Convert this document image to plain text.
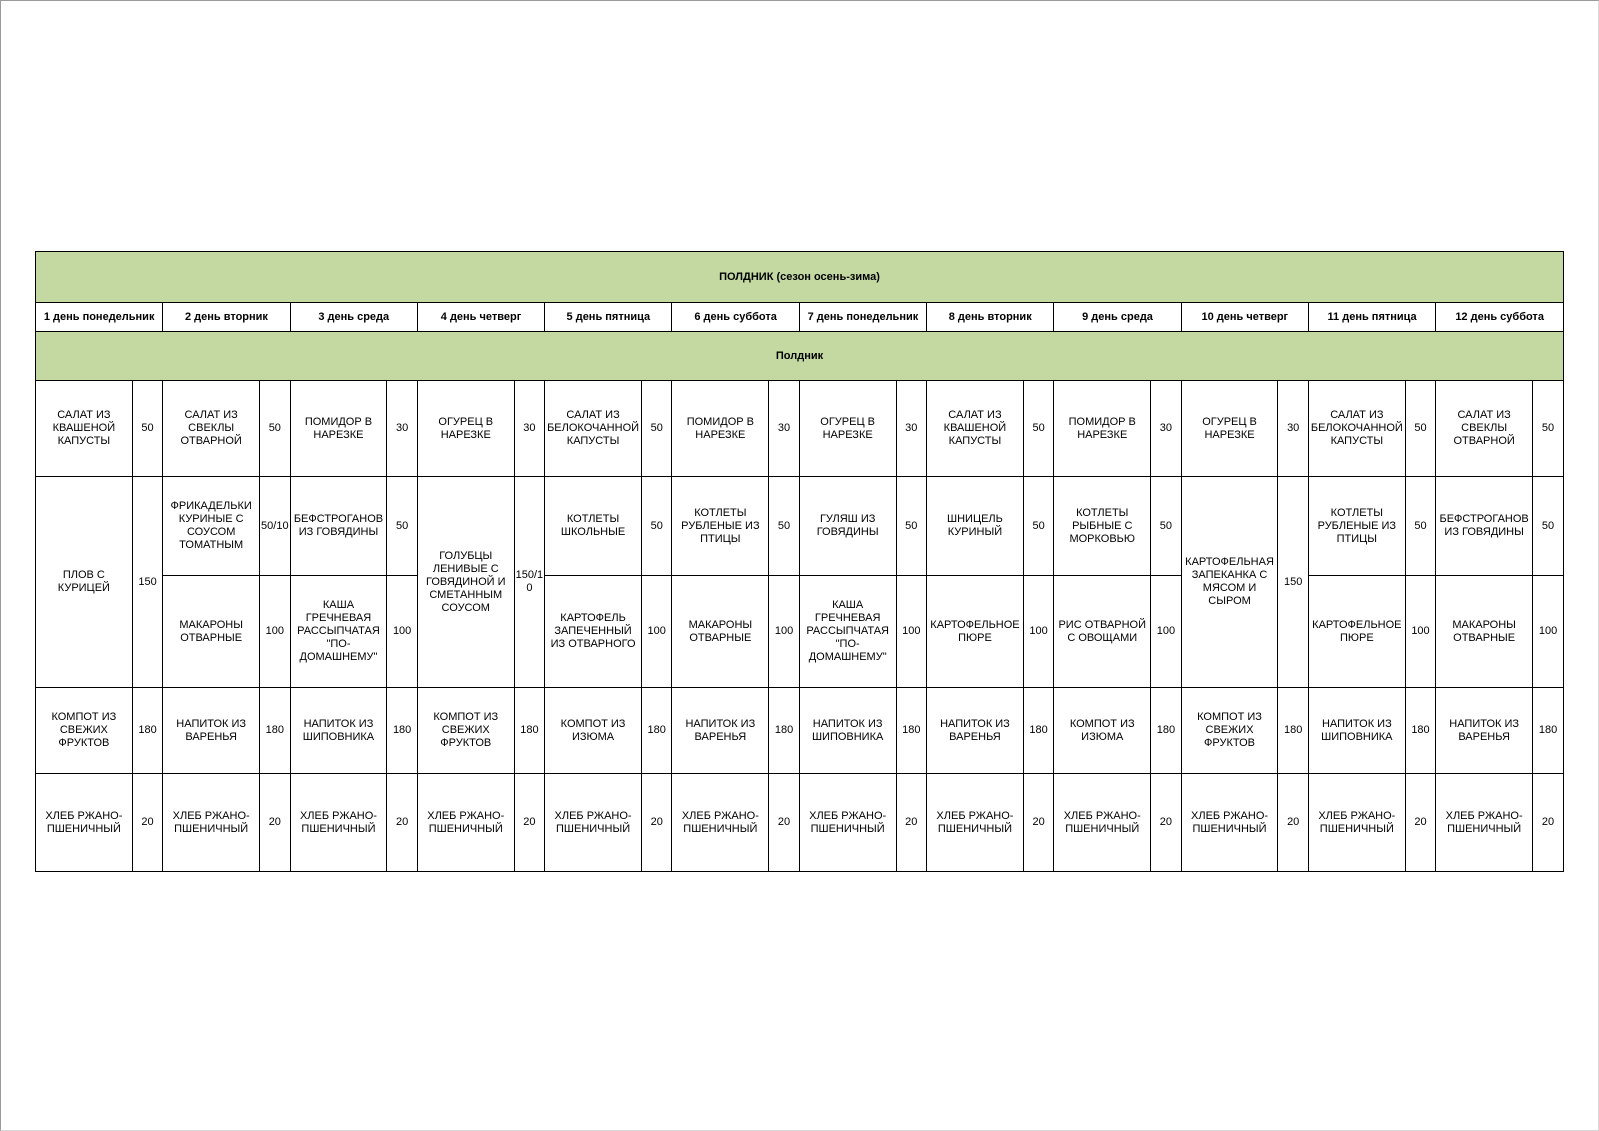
ПОЛДНИК (сезон осень-зима)																							
1 день понедельник		2 день вторник		3 день среда		4 день четверг		5 день пятница		6 день суббота		7 день понедельник		8 день вторник		9 день среда		10 день четверг		11 день пятница		12 день суббота	
Полдник																							
САЛАТ ИЗ КВАШЕНОЙ КАПУСТЫ	50	САЛАТ ИЗ СВЕКЛЫ ОТВАРНОЙ	50	ПОМИДОР В НАРЕЗКЕ	30	ОГУРЕЦ В НАРЕЗКЕ	30	САЛАТ ИЗ БЕЛОКОЧАННОЙ КАПУСТЫ	50	ПОМИДОР В НАРЕЗКЕ	30	ОГУРЕЦ В НАРЕЗКЕ	30	САЛАТ ИЗ КВАШЕНОЙ КАПУСТЫ	50	ПОМИДОР В НАРЕЗКЕ	30	ОГУРЕЦ В НАРЕЗКЕ	30	САЛАТ ИЗ БЕЛОКОЧАННОЙ КАПУСТЫ	50	САЛАТ ИЗ СВЕКЛЫ ОТВАРНОЙ	50
ПЛОВ С КУРИЦЕЙ	150	ФРИКАДЕЛЬКИ КУРИНЫЕ С СОУСОМ ТОМАТНЫМ	50/10	БЕФСТРОГАНОВ ИЗ ГОВЯДИНЫ	50	ГОЛУБЦЫ ЛЕНИВЫЕ С ГОВЯДИНОЙ И СМЕТАННЫМ СОУСОМ	150/10	КОТЛЕТЫ ШКОЛЬНЫЕ	50	КОТЛЕТЫ РУБЛЕНЫЕ ИЗ ПТИЦЫ	50	ГУЛЯШ ИЗ ГОВЯДИНЫ	50	ШНИЦЕЛЬ КУРИНЫЙ	50	КОТЛЕТЫ РЫБНЫЕ С МОРКОВЬЮ	50	КАРТОФЕЛЬНАЯ ЗАПЕКАНКА С МЯСОМ И СЫРОМ	150	КОТЛЕТЫ РУБЛЕНЫЕ ИЗ ПТИЦЫ	50	БЕФСТРОГАНОВ ИЗ ГОВЯДИНЫ	50
		МАКАРОНЫ ОТВАРНЫЕ	100	КАША ГРЕЧНЕВАЯ РАССЫПЧАТАЯ "ПО-ДОМАШНЕМУ"	100			КАРТОФЕЛЬ ЗАПЕЧЕННЫЙ ИЗ ОТВАРНОГО	100	МАКАРОНЫ ОТВАРНЫЕ	100	КАША ГРЕЧНЕВАЯ РАССЫПЧАТАЯ "ПО-ДОМАШНЕМУ"	100	КАРТОФЕЛЬНОЕ ПЮРЕ	100	РИС ОТВАРНОЙ С ОВОЩАМИ	100			КАРТОФЕЛЬНОЕ ПЮРЕ	100	МАКАРОНЫ ОТВАРНЫЕ	100
КОМПОТ ИЗ СВЕЖИХ ФРУКТОВ	180	НАПИТОК ИЗ ВАРЕНЬЯ	180	НАПИТОК ИЗ ШИПОВНИКА	180	КОМПОТ ИЗ СВЕЖИХ ФРУКТОВ	180	КОМПОТ ИЗ ИЗЮМА	180	НАПИТОК ИЗ ВАРЕНЬЯ	180	НАПИТОК ИЗ ШИПОВНИКА	180	НАПИТОК ИЗ ВАРЕНЬЯ	180	КОМПОТ ИЗ ИЗЮМА	180	КОМПОТ ИЗ СВЕЖИХ ФРУКТОВ	180	НАПИТОК ИЗ ШИПОВНИКА	180	НАПИТОК ИЗ ВАРЕНЬЯ	180
ХЛЕБ РЖАНО-ПШЕНИЧНЫЙ	20	ХЛЕБ РЖАНО-ПШЕНИЧНЫЙ	20	ХЛЕБ РЖАНО-ПШЕНИЧНЫЙ	20	ХЛЕБ РЖАНО-ПШЕНИЧНЫЙ	20	ХЛЕБ РЖАНО-ПШЕНИЧНЫЙ	20	ХЛЕБ РЖАНО-ПШЕНИЧНЫЙ	20	ХЛЕБ РЖАНО-ПШЕНИЧНЫЙ	20	ХЛЕБ РЖАНО-ПШЕНИЧНЫЙ	20	ХЛЕБ РЖАНО-ПШЕНИЧНЫЙ	20	ХЛЕБ РЖАНО-ПШЕНИЧНЫЙ	20	ХЛЕБ РЖАНО-ПШЕНИЧНЫЙ	20	ХЛЕБ РЖАНО-ПШЕНИЧНЫЙ	20
